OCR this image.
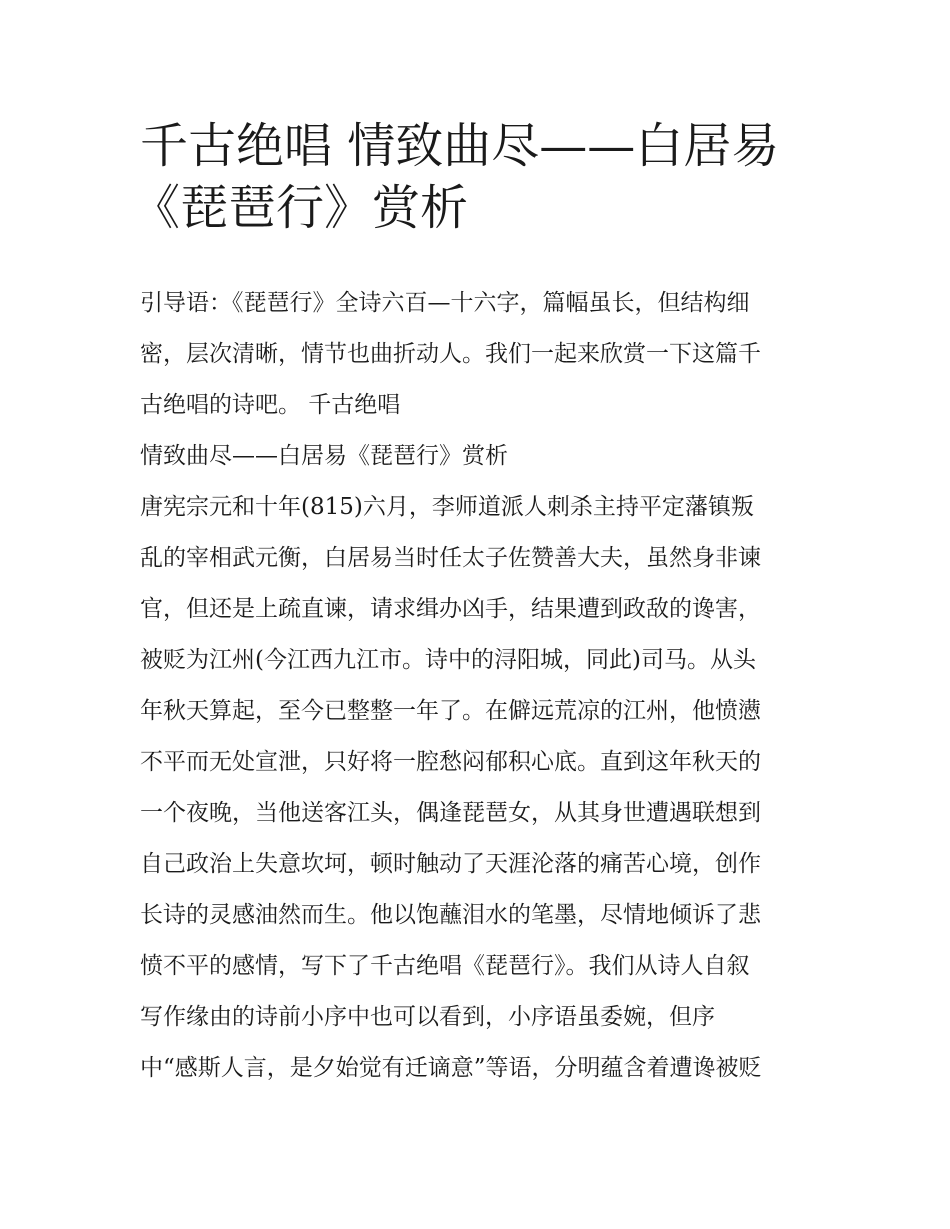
千古绝唱 情致曲尽——白居易
《琵琶行》赏析
引导语：《琵琶行》全诗六百—十六字，篇幅虽长，但结构细
密，层次清晰，情节也曲折动人。我们一起来欣赏一下这篇千
古绝唱的诗吧。 千古绝唱
情致曲尽——白居易《琵琶行》赏析
唐宪宗元和十年(815)六月，李师道派人刺杀主持平定藩镇叛
乱的宰相武元衡，白居易当时任太子佐赞善大夫，虽然身非谏
官，但还是上疏直谏，请求缉办凶手，结果遭到政敌的谗害，
被贬为江州(今江西九江市。诗中的浔阳城，同此)司马。从头
年秋天算起，至今已整整一年了。在僻远荒凉的江州，他愤懑
不平而无处宣泄，只好将一腔愁闷郁积心底。直到这年秋天的
一个夜晚，当他送客江头，偶逢琵琶女，从其身世遭遇联想到
自己政治上失意坎坷，顿时触动了天涯沦落的痛苦心境，创作
长诗的灵感油然而生。他以饱蘸泪水的笔墨，尽情地倾诉了悲
愤不平的感情，写下了千古绝唱《琵琶行》。我们从诗人自叙
写作缘由的诗前小序中也可以看到，小序语虽委婉，但序
中“感斯人言，是夕始觉有迁谪意”等语，分明蕴含着遭谗被贬
